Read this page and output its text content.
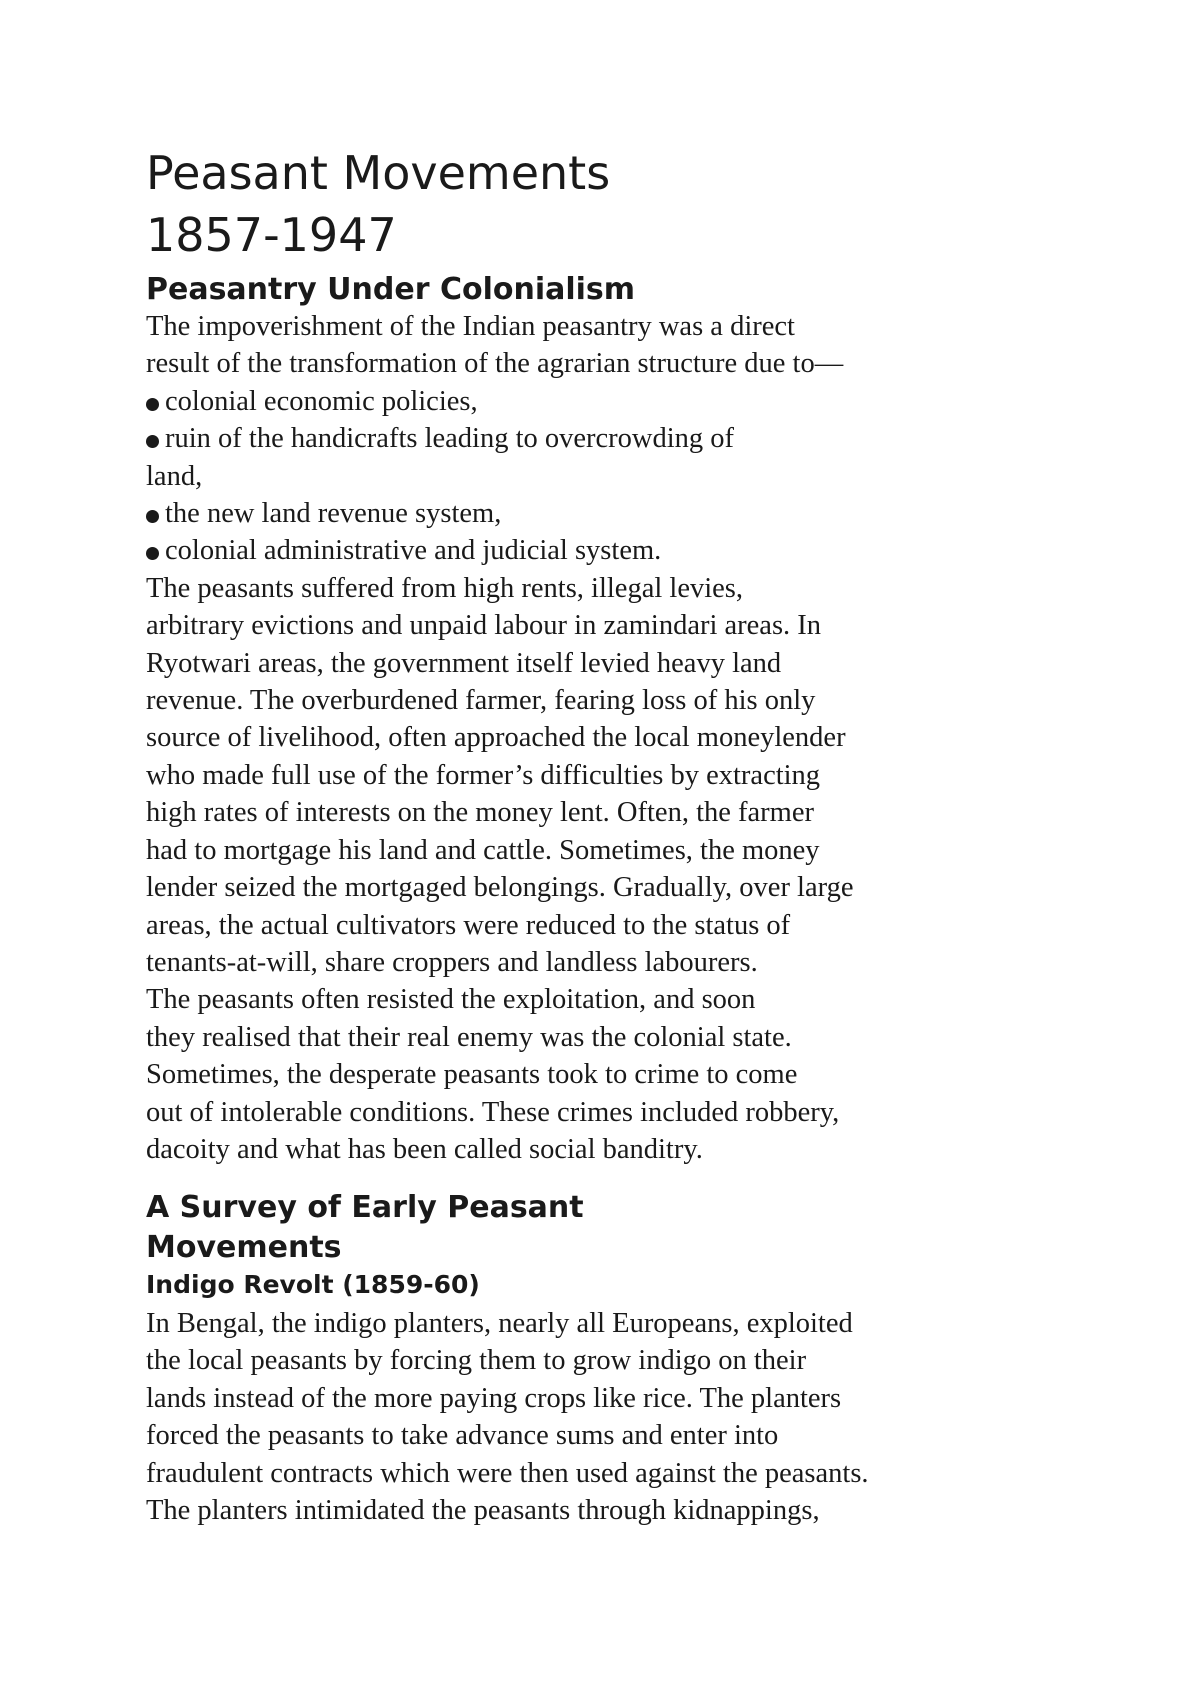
Peasant Movements
1857-1947
Peasantry Under Colonialism
The impoverishment of the Indian peasantry was a direct
result of the transformation of the agrarian structure due to—
colonial economic policies,
ruin of the handicrafts leading to overcrowding of
land,
the new land revenue system,
colonial administrative and judicial system.
The peasants suffered from high rents, illegal levies,
arbitrary evictions and unpaid labour in zamindari areas. In
Ryotwari areas, the government itself levied heavy land
revenue. The overburdened farmer, fearing loss of his only
source of livelihood, often approached the local moneylender
who made full use of the former’s difficulties by extracting
high rates of interests on the money lent. Often, the farmer
had to mortgage his land and cattle. Sometimes, the money
lender seized the mortgaged belongings. Gradually, over large
areas, the actual cultivators were reduced to the status of
tenants-at-will, share croppers and landless labourers.
The peasants often resisted the exploitation, and soon
they realised that their real enemy was the colonial state.
Sometimes, the desperate peasants took to crime to come
out of intolerable conditions. These crimes included robbery,
dacoity and what has been called social banditry.
A Survey of Early Peasant
Movements
Indigo Revolt (1859-60)
In Bengal, the indigo planters, nearly all Europeans, exploited
the local peasants by forcing them to grow indigo on their
lands instead of the more paying crops like rice. The planters
forced the peasants to take advance sums and enter into
fraudulent contracts which were then used against the peasants.
The planters intimidated the peasants through kidnappings,
